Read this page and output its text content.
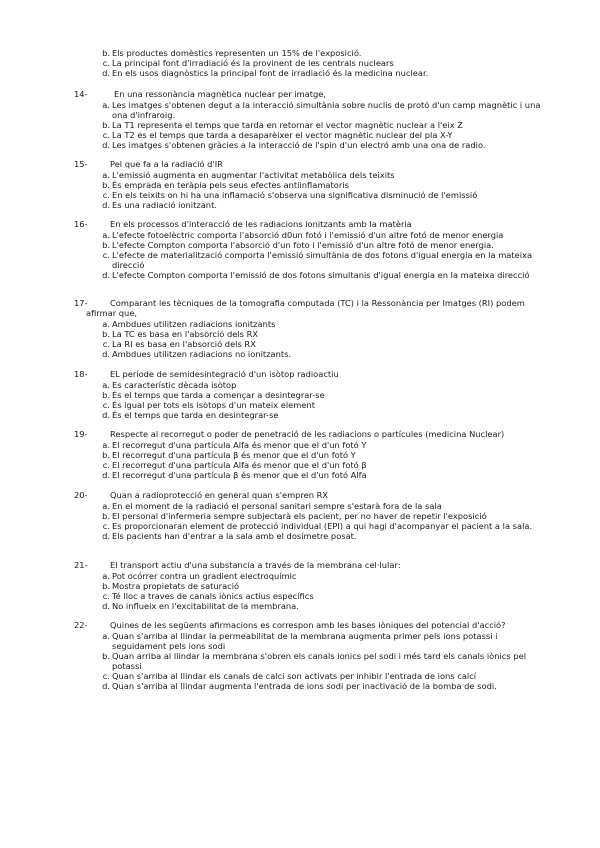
b. Els productes domèstics representen un 15% de l'exposició.
c. La principal font d'irradiació és la provinent de les centrals nuclears
d. En els usos diagnòstics la principal font de irradiació és la medicina nuclear.
14-	En una ressonància magnètica nuclear per imatge,
a. Les imatges s'obtenen degut a la interacció simultània sobre nuclis de protó d'un camp magnètic i una ona d'infraroig.
b. La T1 representa el temps que tarda en retornar el vector magnètic nuclear a l'eix Z
c. La T2 es el temps que tarda a desaparèixer el vector magnètic nuclear del pla X-Y
d. Les imatges s'obtenen gràcies a la interacció de l'spin d'un electró amb una ona de radio.
15-	Pel que fa a la radiació d'IR
a. L'emissió augmenta en augmentar l'activitat metabòlica dels teixits
b. És emprada en teràpia pels seus efectes antiinflamatoris
c. En els teixits on hi ha una inflamació s'observa una significativa disminució de l'emissió
d. Es una radiació ionitzant.
16-	En els processos d'interacció de les radiacions ionitzants amb la matèria
a. L'efecte fotoelèctric comporta l'absorció d0un fotó i l'emissió d'un altre fotó de menor energia
b. L'efecte Compton comporta l'absorció d'un foto i l'emissió d'un altre fotó de menor energia.
c. L'efecte de materialització comporta l'emissió simultània de dos fotons d'igual energia en la mateixa direcció
d. L'efecte Compton comporta l'emissió de dos fotons simultanis d'igual energia en la mateixa direcció
17-	Comparant les tècniques de la tomografia computada (TC) i la Ressonància per Imatges (RI) podem afirmar que,
a. Ambdues utilitzen radiacions ionitzants
b. La TC es basa en l'absorció dels RX
c. La RI es basa en l'absorció dels RX
d. Ambdues utilitzen radiacions no ionitzants.
18-	EL període de semidesintegració d'un isòtop radioactiu
a. Es característic dècada isòtop
b. És el temps que tarda a començar a desintegrar-se
c. És igual per tots els isòtops d'un mateix element
d. És el temps que tarda en desintegrar-se
19-	Respecte al recorregut o poder de penetració de les radiacions o partícules (medicina Nuclear)
a. El recorregut d'una partícula Alfa és menor que el d'un fotó Υ
b. El recorregut d'una partícula β és menor que el d'un fotó Υ
c. El recorregut d'una partícula Alfa és menor que el d'un fotó β
d. El recorregut d'una partícula β és menor que el d'un fotó Alfa
20-	Quan a radioprotecció en general quan s'empren RX
a. En el moment de la radiació el personal sanitari sempre s'estarà fora de la sala
b. El personal d'infermeria sempre subjectarà els pacient, per no haver de repetir l'exposició
c. Es proporcionaran element de protecció individual (EPI) a qui hagi d'acompanyar el pacient a la sala.
d. Els pacients han d'entrar a la sala amb el dosímetre posat.
21-	El transport actiu d'una substancia a través de la membrana cel·lular:
a. Pot ocórrer contra un gradient electroquímic
b. Mostra propietats de saturació
c. Té lloc a traves de canals iònics actius específics
d. No influeix en l'excitabilitat de la membrana.
22-	Quines de les següents afirmacions es correspon amb les bases iòniques del potencial d'acció?
a. Quan s'arriba al llindar la permeabilitat de la membrana augmenta primer pels ions potassi i seguidament pels ions sodi
b. Quan arriba al llindar la membrana s'obren els canals ionics pel sodi i més tard els canals iònics pel potassi
c. Quan s'arriba al llindar els canals de calci son activats per inhibir l'entrada de ions calcí
d. Quan s'arriba al llindar augmenta l'entrada de ions sodi per inactivació de la bomba de sodi.
